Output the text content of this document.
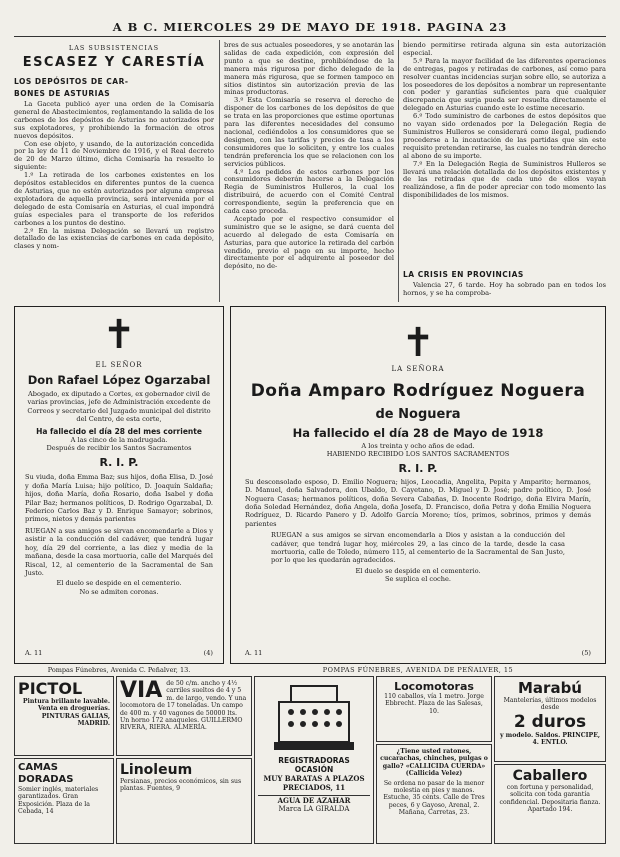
A B C. MIERCOLES 29 DE MAYO DE 1918. PAGINA 23
LAS SUBSISTENCIAS
ESCASEZ Y CARESTÍA
LOS DEPÓSITOS DE CAR-
BONES DE ASTURIAS

La Gaceta publicó ayer una orden de la Comisaría general de Abastecimientos, reglamentando la salida de los carbones de los depósitos de Asturias no autorizados por sus explotadores, y prohibiendo la formación de otros nuevos depósitos.

Con ese objeto, y usando, de la autorización concedida por la ley de 11 de Noviembre de 1916, y el Real decreto de 20 de Marzo último, dicha Comisaría ha resuelto lo siguiente:

1.º La retirada de los carbones existentes en los depósitos establecidos en diferentes puntos de la cuenca de Asturias, que no estén autorizados por alguna empresa explotadora de aquella provincia, será intervenida por el delegado de esta Comisaría en Asturias, el cual impondrá guías especiales para el transporte de los referidos carbones a los puntos de destino.

2.º En la misma Delegación se llevará un registro detallado de las existencias de carbones en cada depósito, clases y nom-

bres de sus actuales poseedores, y se anotarán las salidas de cada expedición, con expresión del punto a que se destine, prohibiéndose de la manera más rigurosa por dicho delegado de la manera más rigurosa, que se formen tampoco en sitios distintos sin autorización previa de las minas productoras.

3.º Esta Comisaría se reserva el derecho de disponer de los carbones de los depósitos de que se trata en las proporciones que estime oportunas para las diferentes necesidades del consumo nacional, cediéndolos a los consumidores que se designen, con las tarifas y precios de tasa a los consumidores que lo soliciten, y entre los cuales tendrán preferencia los que se relacionen con los servicios públicos.

4.º Los pedidos de estos carbones por los consumidores deberán hacerse a la Delegación Regia de Suministros Hulleros, la cual los distribuirá, de acuerdo con el Comité Central correspondiente, según la preferencia que en cada caso proceda.

Aceptado por el respectivo consumidor el suministro que se le asigne, se dará cuenta del acuerdo al delegado de esta Comisaría en Asturias, para que autorice la retirada del carbón vendido, previo el pago en su importe, hecho directamente por el adquirente al poseedor del depósito, no de-

biendo permitirse retirada alguna sin esta autorización especial.

5.º Para la mayor facilidad de las diferentes operaciones de entregas, pagos y retiradas de carbones, así como para resolver cuantas incidencias surjan sobre ello, se autoriza a los poseedores de los depósitos a nombrar un representante con poder y garantías suficientes para que cualquier discrepancia que surja pueda ser resuelta directamente el delegado en Asturias cuando este lo estime necesario.

6.º Todo suministro de carbones de estos depósitos que no vayan sido ordenados por la Delegación Regia de Suministros Hulleros se considerará como ilegal, pudiendo procederse a la incautación de las partidas que sin este requisito pretendan retirarse, las cuales no tendrán derecho al abono de su importe.

7.º En la Delegación Regia de Suministros Hulleros se llevará una relación detallada de los depósitos existentes y de las retiradas que de cada uno de ellos vayan realizándose, a fin de poder apreciar con todo momento las disponibilidades de los mismos.

LA CRISIS EN PROVINCIAS

Valencia 27, 6 tarde. Hoy ha sobrado pan en todos los hornos, y se ha comproba-

✝
EL SEÑOR
Don Rafael López Ogarzabal
Abogado, ex diputado a Cortes, ex gobernador civil de varias provincias, jefe de Administración excedente de Correos y secretario del Juzgado municipal del distrito del Centro, de esta corte,
Ha fallecido el día 28 del mes corriente
A las cinco de la madrugada.
Después de recibir los Santos Sacramentos
R. I. P.
Su viuda, doña Emma Baz; sus hijos, doña Elisa, D. José y doña María Luisa; hijo político, D. Joaquín Saldaña; hijos, doña María, doña Rosario, doña Isabel y doña Pilar Baz; hermanos políticos, D. Rodrigo Ogarzabal, D. Federico Carlos Baz y D. Enrique Samayor; sobrinos, primos, nietos y demás parientes
RUEGAN a sus amigos se sirvan encomendarle a Dios y asistir a la conducción del cadáver, que tendrá lugar hoy, día 29 del corriente, a las diez y media de la mañana, desde la casa mortuoria, calle del Marqués del Riscal, 12, al cementerio de la Sacramental de San Justo.
El duelo se despide en el cementerio.
No se admiten coronas.
A. 11	(4)
Pompas Fúnebres, Avenida C. Peñalver, 13.
✝
LA SEÑORA
Doña Amparo Rodríguez Noguera
de Noguera
Ha fallecido el día 28 de Mayo de 1918
A los treinta y ocho años de edad.
HABIENDO RECIBIDO LOS SANTOS SACRAMENTOS
R. I. P.
Su desconsolado esposo, D. Emilio Noguera; hijos, Leocadia, Angelita, Pepita y Amparito; hermanos, D. Manuel, doña Salvadora, don Ubaldo, D. Cayetano, D. Miguel y D. José; padre político, D. José Noguera Casas; hermanos políticos, doña Severa Cabañas, D. Inocente Rodrigo, doña Elvira Marín, doña Soledad Hernández, doña Angela, doña Josefa, D. Francisco, doña Petra y doña Emilia Noguera Rodríguez, D. Ricardo Panero y D. Adolfo García Moreno; tíos, primos, sobrinos, primos y demás parientes
RUEGAN a sus amigos se sirvan encomendarla a Dios y asistan a la conducción del cadáver, que tendrá lugar hoy, miércoles 29, a las cinco de la tarde, desde la casa mortuoria, calle de Toledo, número 115, al cementerio de la Sacramental de San Justo, por lo que les quedarán agradecidos.
El duelo se despide en el cementerio.
Se suplica el coche.
A. 11	(5)
POMPAS FÚNEBRES, AVENIDA DE PEÑALVER, 15
PICTOL
Pintura brillante lavable. Venta en droguerías. PINTURAS GALIAS, MADRID.
VIA de 50 c/m. ancho y 4½ carriles sueltos de 4 y 5 m. de largo, vendo. Y una locomotora de 17 toneladas. Un campo de 400 m. y 40 vagones de 50000 lts. Un horno 172 anaqueles. GUILLERMO RIVERA, RIERA. ALMERÍA.
CAMAS DORADAS
Somier inglés, materiales garantizados. Gran Exposición. Plaza de la Cebada, 14
Linoleum
Persianas, precios económicos, sin sus plantas. Fuentes, 9
REGISTRADORAS OCASIÓN
MUY BARATAS A PLAZOS PRECIADOS, 11
AGUA DE AZAHAR
Marca LA GIRALDA
Locomotoras
110 caballos, vía 1 metro. Jorge Ebbrecht. Plaza de las Salesas, 10.
¿Tiene usted ratones, cucarachas, chinches, pulgas o gallo? «CALLICIDA CUERDA» (Callicida Velez)
Se ordena no pasar de la menor molestia en pies y manos. Estuche, 35 cénts. Calle de Tres peces, 6 y Gayoso, Arenal, 2. Mañana, Carretas, 23.
Marabú
Mantelerías, últimos modelos desde
2 duros
y modelo. Saldos. PRINCIPE, 4. ENTLO.
Caballero
con fortuna y personalidad, solicita con toda garantía confidencial. Depositaria fianza. Apartado 194.
